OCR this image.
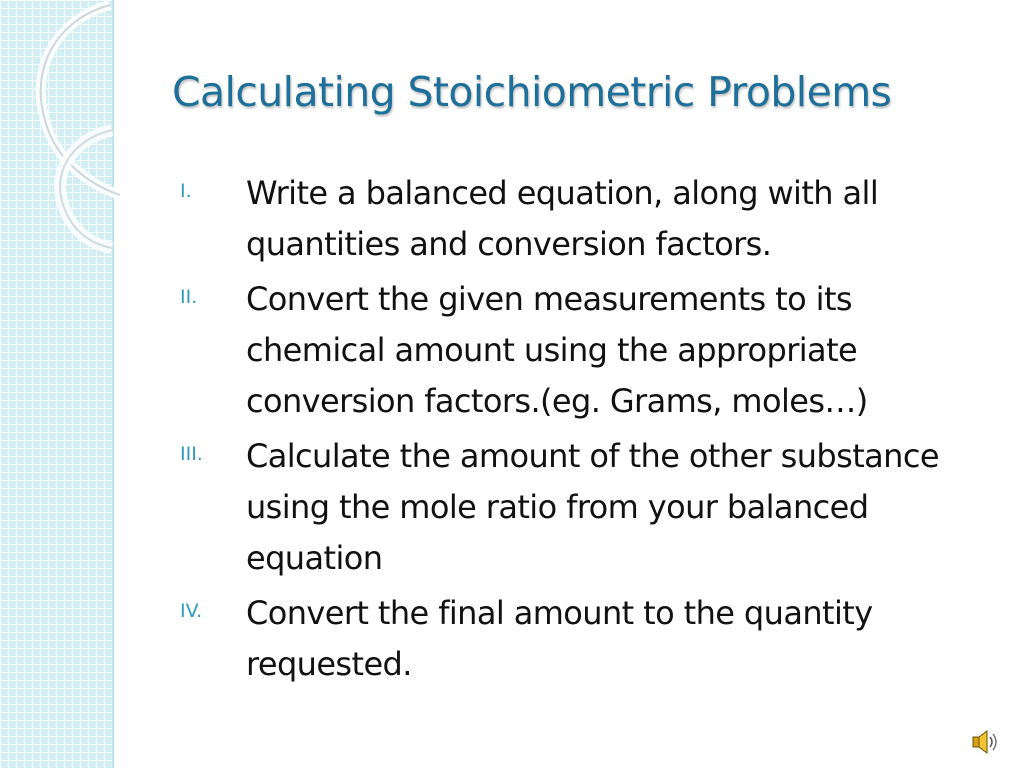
Calculating Stoichiometric Problems
I.	Write a balanced equation, along with all quantities and conversion factors.
II.	Convert the given measurements to its chemical amount using the appropriate conversion factors.(eg. Grams, moles…)
III.	Calculate the amount of the other substance using the mole ratio from your balanced equation
IV.	Convert the final amount to the quantity requested.
